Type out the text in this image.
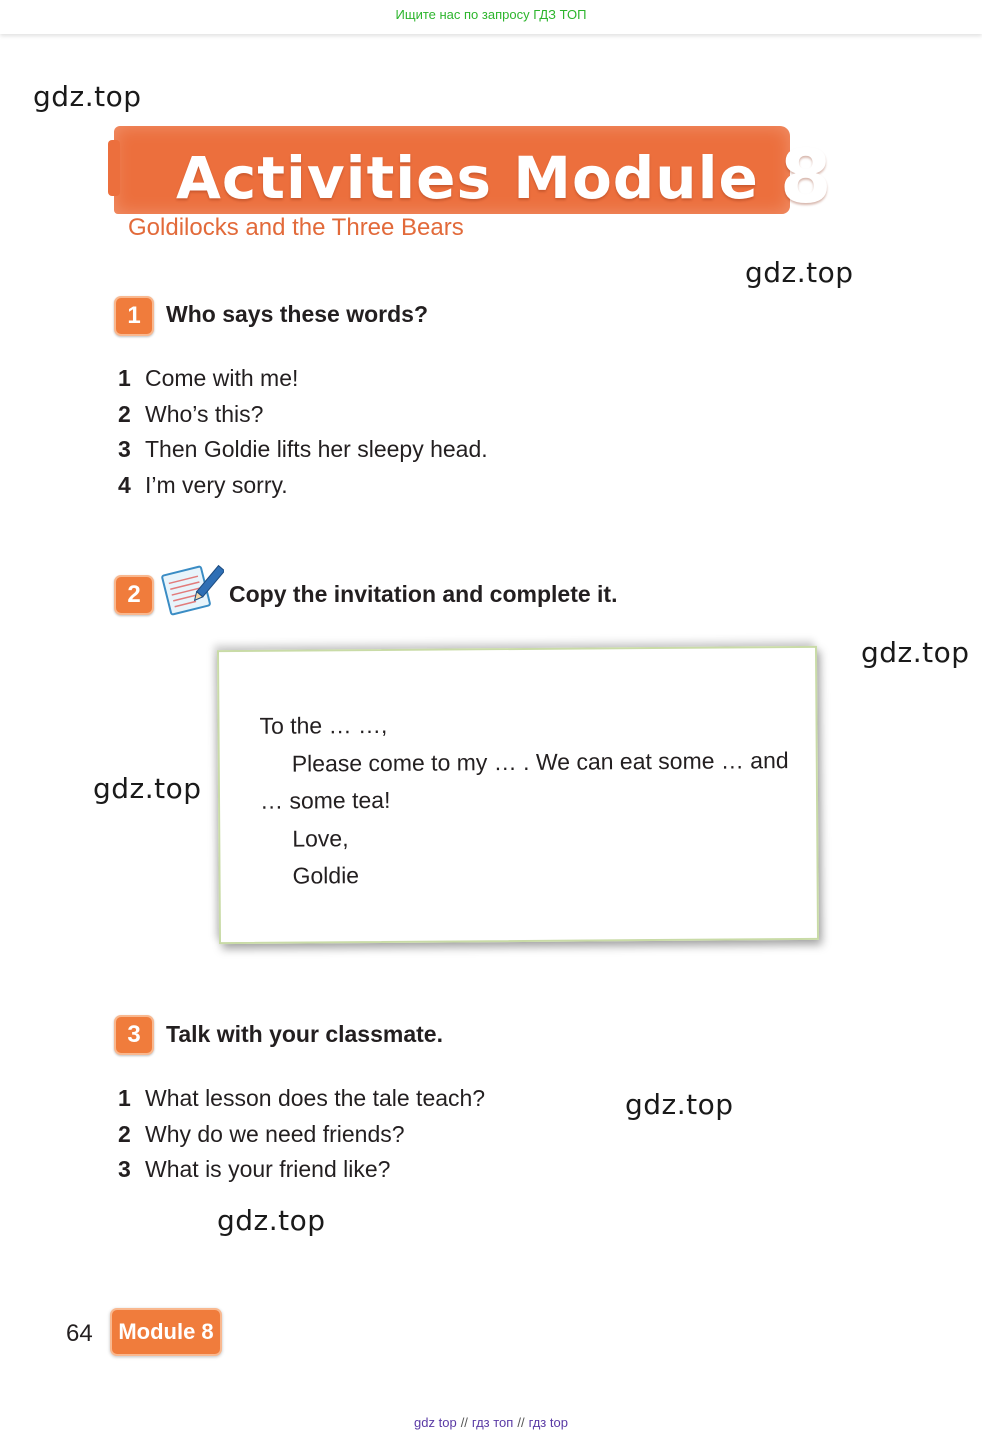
Ищите нас по запросу ГДЗ ТОП
gdz.top
gdz.top
gdz.top
gdz.top
gdz.top
gdz.top
Activities Module 8
Goldilocks and the Three Bears
1	Who says these words?
1 Come with me!
2 Who’s this?
3 Then Goldie lifts her sleepy head.
4 I’m very sorry.
2	Copy the invitation and complete it.
To the … …,
Please come to my … . We can eat some … and
… some tea!
Love,
Goldie
3	Talk with your classmate.
1 What lesson does the tale teach?
2 Why do we need friends?
3 What is your friend like?
64	Module 8
gdz top // гдз топ // гдз top
